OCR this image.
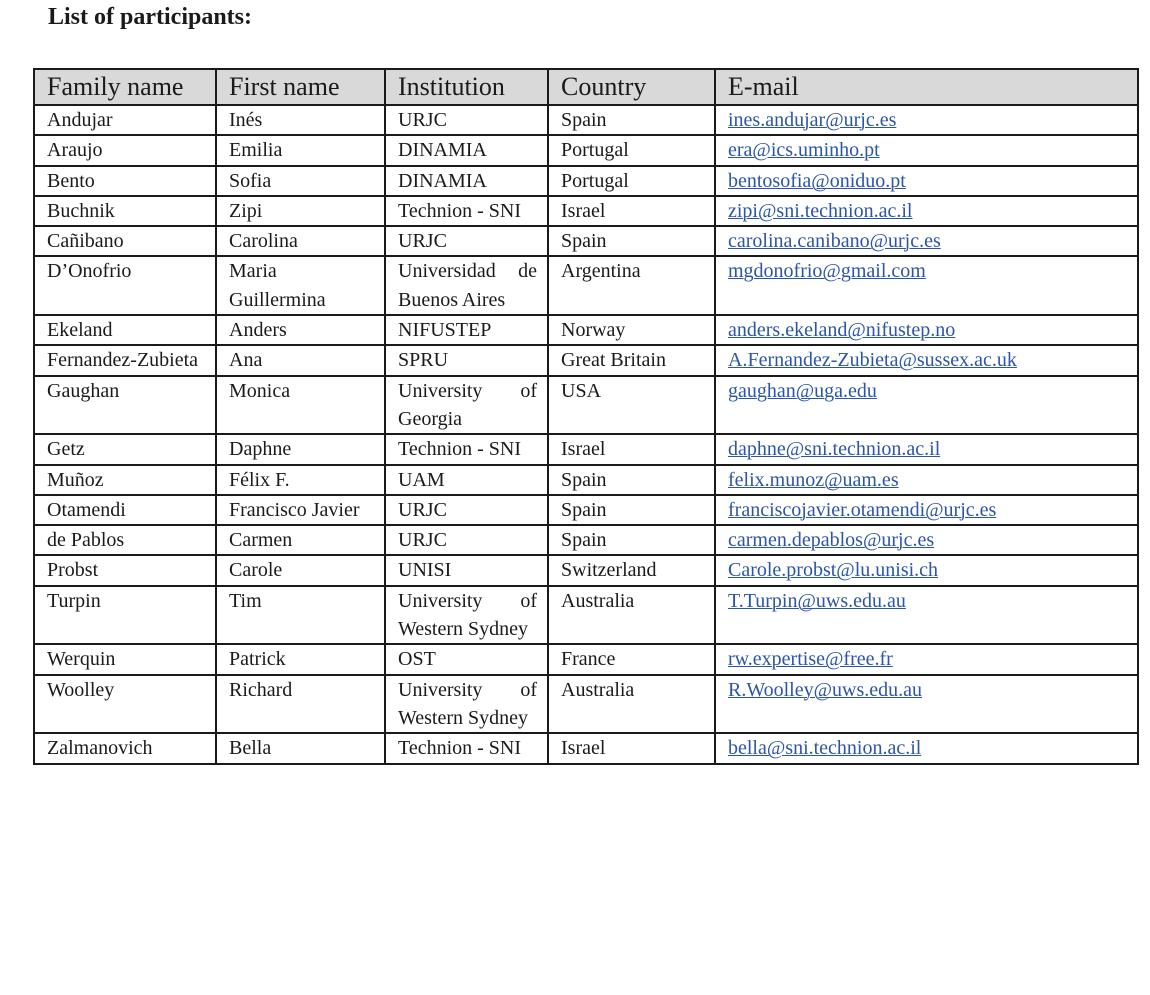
List of participants:
Family name	First name	Institution	Country	E-mail
Andujar	Inés	URJC	Spain	ines.andujar@urjc.es
Araujo	Emilia	DINAMIA	Portugal	era@ics.uminho.pt
Bento	Sofia	DINAMIA	Portugal	bentosofia@oniduo.pt
Buchnik	Zipi	Technion - SNI	Israel	zipi@sni.technion.ac.il
Cañibano	Carolina	URJC	Spain	carolina.canibano@urjc.es
D’Onofrio	Maria Guillermina	Universidad de Buenos Aires	Argentina	mgdonofrio@gmail.com
Ekeland	Anders	NIFUSTEP	Norway	anders.ekeland@nifustep.no
Fernandez-Zubieta	Ana	SPRU	Great Britain	A.Fernandez-Zubieta@sussex.ac.uk
Gaughan	Monica	University of Georgia	USA	gaughan@uga.edu
Getz	Daphne	Technion - SNI	Israel	daphne@sni.technion.ac.il
Muñoz	Félix F.	UAM	Spain	felix.munoz@uam.es
Otamendi	Francisco Javier	URJC	Spain	franciscojavier.otamendi@urjc.es
de Pablos	Carmen	URJC	Spain	carmen.depablos@urjc.es
Probst	Carole	UNISI	Switzerland	Carole.probst@lu.unisi.ch
Turpin	Tim	University of Western Sydney	Australia	T.Turpin@uws.edu.au
Werquin	Patrick	OST	France	rw.expertise@free.fr
Woolley	Richard	University of Western Sydney	Australia	R.Woolley@uws.edu.au
Zalmanovich	Bella	Technion - SNI	Israel	bella@sni.technion.ac.il
